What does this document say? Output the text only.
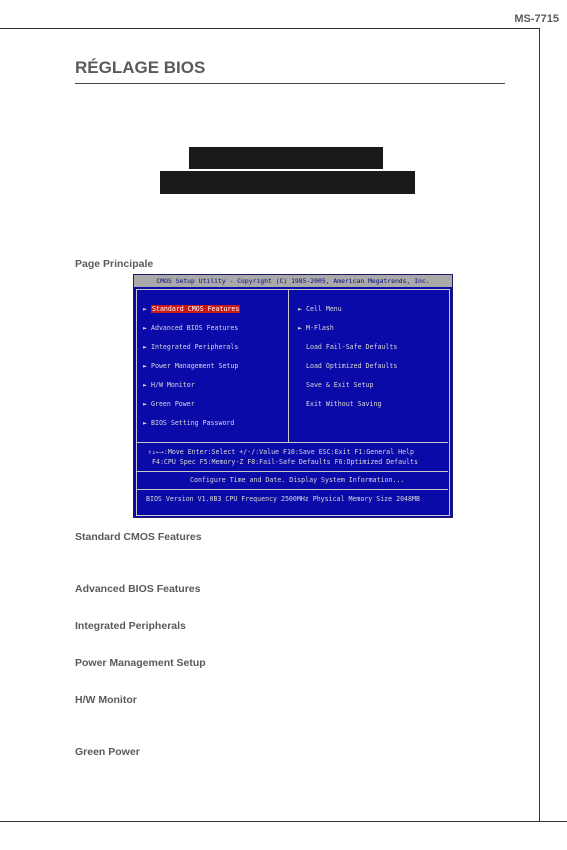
MS-7715
RÉGLAGE BIOS
Page Principale
CMOS Setup Utility - Copyright (C) 1985-2005, American Megatrends, Inc.
► Standard CMOS Features
► Advanced BIOS Features
► Integrated Peripherals
► Power Management Setup
► H/W Monitor
► Green Power
► BIOS Setting Password
► Cell Menu
► M-Flash
Load Fail-Safe Defaults
Load Optimized Defaults
Save & Exit Setup
Exit Without Saving
↑↓←→:Move Enter:Select +/-/:Value F10:Save ESC:Exit F1:General Help
F4:CPU Spec F5:Memory-Z F8:Fail-Safe Defaults F6:Optimized Defaults
Configure Time and Date. Display System Information...
BIOS Version V1.0B3 CPU Frequency 2500MHz Physical Memory Size 2048MB
Standard CMOS Features
Advanced BIOS Features
Integrated Peripherals
Power Management Setup
H/W Monitor
Green Power
